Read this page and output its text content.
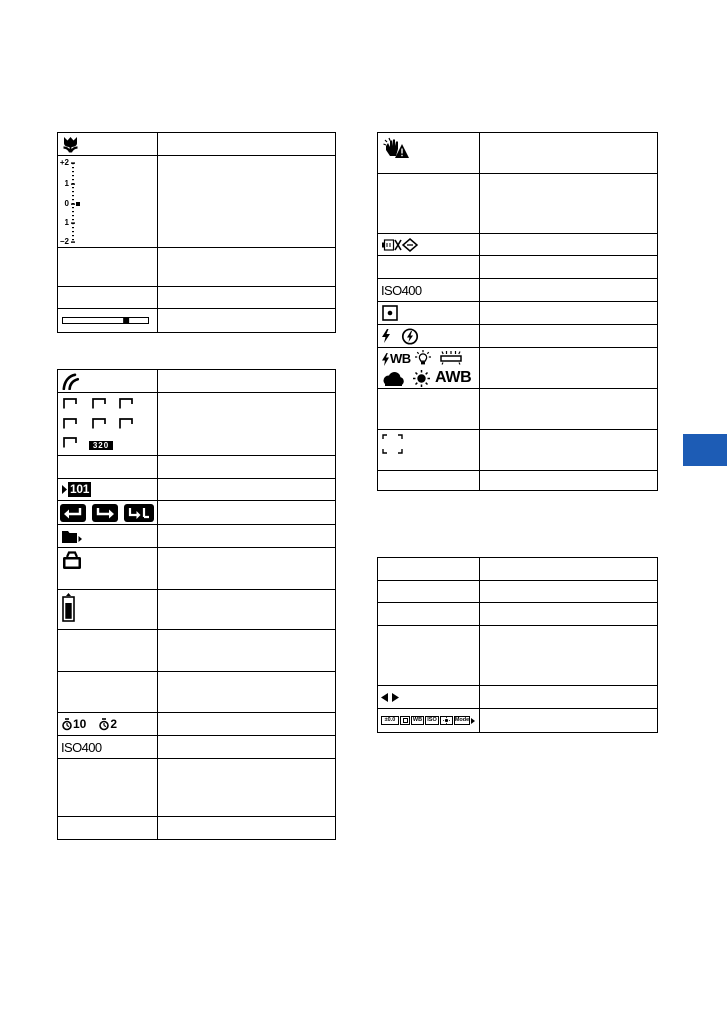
+2
1
0
1
−2
320
101
10 2
ISO400
ISO400
WB
AWB
±0.0	WB ISO	Mode
